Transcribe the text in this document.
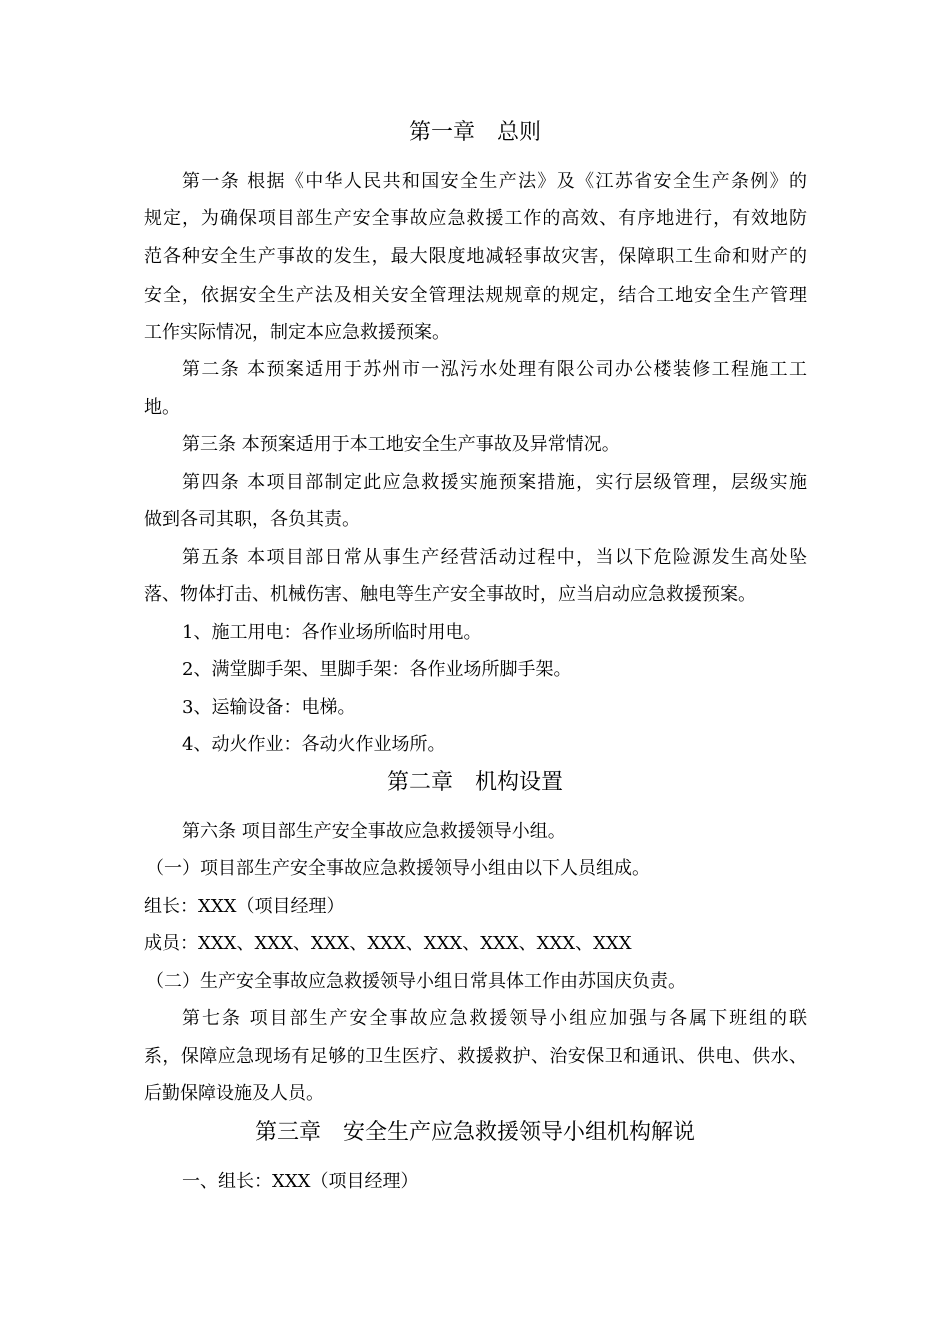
第一章　总则
第一条 根据《中华人民共和国安全生产法》及《江苏省安全生产条例》的
规定，为确保项目部生产安全事故应急救援工作的高效、有序地进行，有效地防
范各种安全生产事故的发生，最大限度地减轻事故灾害，保障职工生命和财产的
安全，依据安全生产法及相关安全管理法规规章的规定，结合工地安全生产管理
工作实际情况，制定本应急救援预案。
第二条 本预案适用于苏州市一泓污水处理有限公司办公楼装修工程施工工
地。
第三条 本预案适用于本工地安全生产事故及异常情况。
第四条 本项目部制定此应急救援实施预案措施，实行层级管理，层级实施
做到各司其职，各负其责。
第五条 本项目部日常从事生产经营活动过程中，当以下危险源发生高处坠
落、物体打击、机械伤害、触电等生产安全事故时，应当启动应急救援预案。
1、施工用电：各作业场所临时用电。
2、满堂脚手架、里脚手架：各作业场所脚手架。
3、运输设备：电梯。
4、动火作业：各动火作业场所。
第二章　机构设置
第六条 项目部生产安全事故应急救援领导小组。
（一）项目部生产安全事故应急救援领导小组由以下人员组成。
组长：XXX（项目经理）
成员：XXX、XXX、XXX、XXX、XXX、XXX、XXX、XXX
（二）生产安全事故应急救援领导小组日常具体工作由苏国庆负责。
第七条 项目部生产安全事故应急救援领导小组应加强与各属下班组的联
系，保障应急现场有足够的卫生医疗、救援救护、治安保卫和通讯、供电、供水、
后勤保障设施及人员。
第三章　安全生产应急救援领导小组机构解说
一、组长：XXX（项目经理）
